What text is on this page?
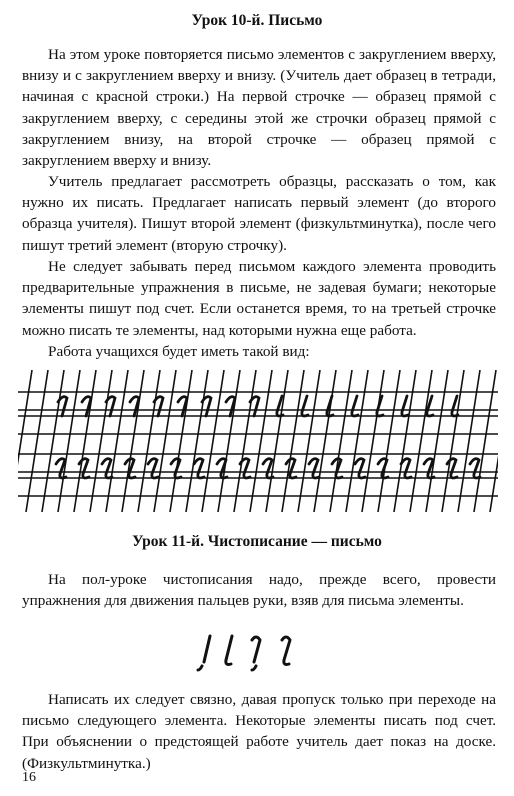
Урок 10-й. Письмо
На этом уроке повторяется письмо элементов с закруглением вверху, внизу и с закруглением вверху и внизу. (Учитель дает образец в тетради, начиная с красной строки.) На первой строчке — образец прямой с закруглением вверху, с середины этой же строчки образец прямой с закруглением внизу, на второй строчке — образец прямой с закруглением вверху и внизу.
Учитель предлагает рассмотреть образцы, рассказать о том, как нужно их писать. Предлагает написать первый элемент (до второго образца учителя). Пишут второй элемент (физкультминутка), после чего пишут третий элемент (вторую строчку).
Не следует забывать перед письмом каждого элемента проводить предварительные упражнения в письме, не задевая бумаги; некоторые элементы пишут под счет. Если останется время, то на третьей строчке можно писать те элементы, над которыми нужна еще работа.
Работа учащихся будет иметь такой вид:
Урок 11-й. Чистописание — письмо
На пол-уроке чистописания надо, прежде всего, провести упражнения для движения пальцев руки, взяв для письма элементы.
Написать их следует связно, давая пропуск только при переходе на письмо следующего элемента. Некоторые элементы писать под счет. При объяснении о предстоящей работе учитель дает показ на доске. (Физкультминутка.)
16
